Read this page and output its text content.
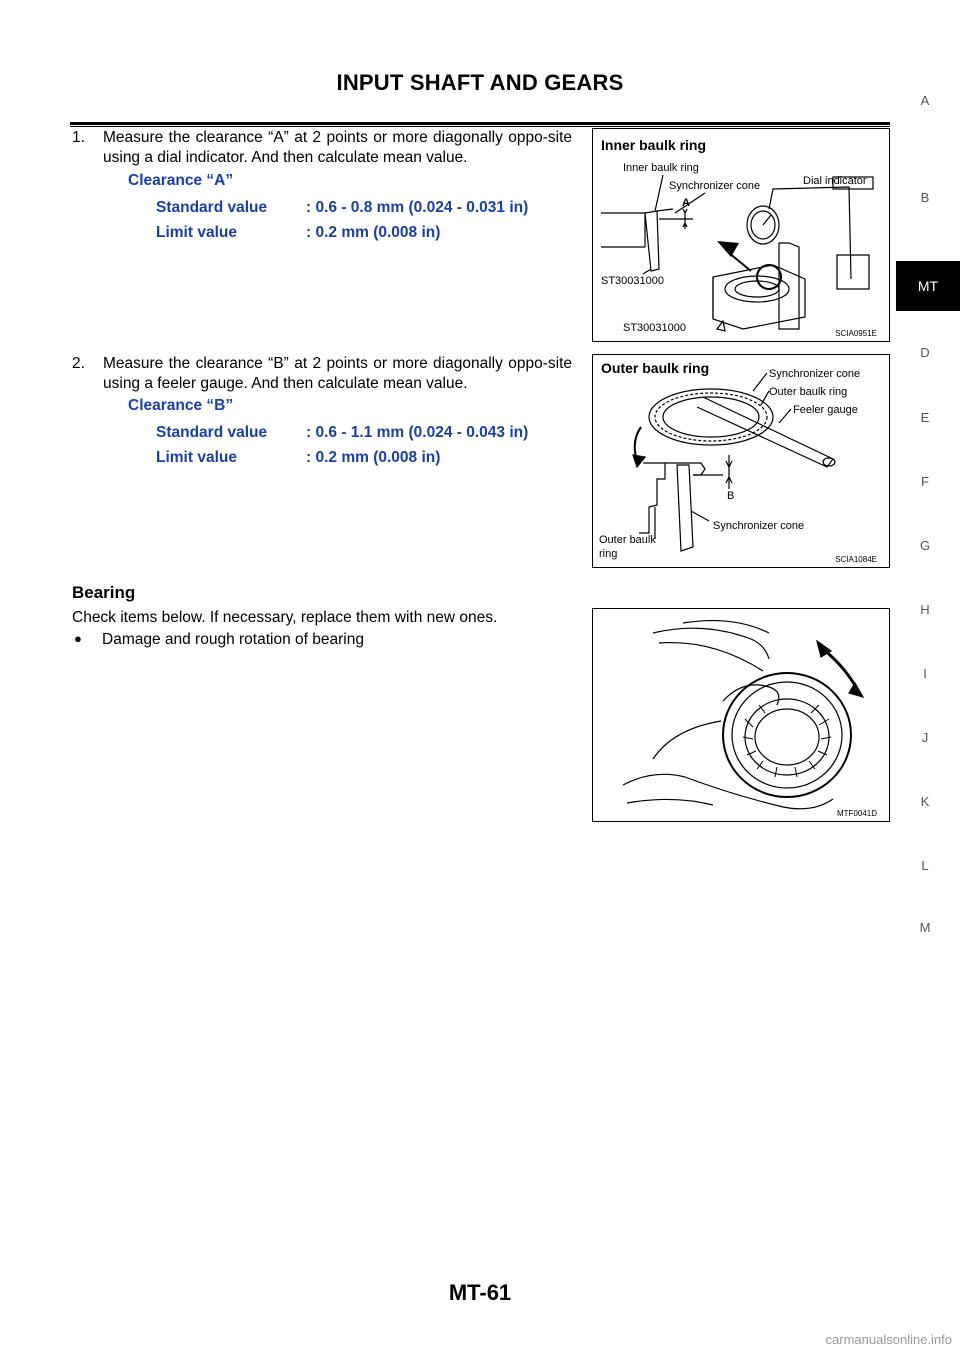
INPUT SHAFT AND GEARS
1.	Measure the clearance “A” at 2 points or more diagonally oppo-site using a dial indicator. And then calculate mean value.
Clearance “A”
Standard value	: 0.6 - 0.8 mm (0.024 - 0.031 in)
Limit value	: 0.2 mm (0.008 in)
2.	Measure the clearance “B” at 2 points or more diagonally oppo-site using a feeler gauge. And then calculate mean value.
Clearance “B”
Standard value	: 0.6 - 1.1 mm (0.024 - 0.043 in)
Limit value	: 0.2 mm (0.008 in)
Bearing
Check items below. If necessary, replace them with new ones.
● Damage and rough rotation of bearing
Inner baulk ring
Inner baulk ring
Synchronizer cone	Dial indicator
A
ST30031000
ST30031000	SCIA0951E
Outer baulk ring	Synchronizer cone
Outer baulk ring
Feeler gauge
B
Synchronizer cone
Outer baulk
ring	SCIA1084E
MTF0041D
A
B
MT
D
E
F
G
H
I
J
K
L
M
MT-61
carmanualsonline.info
